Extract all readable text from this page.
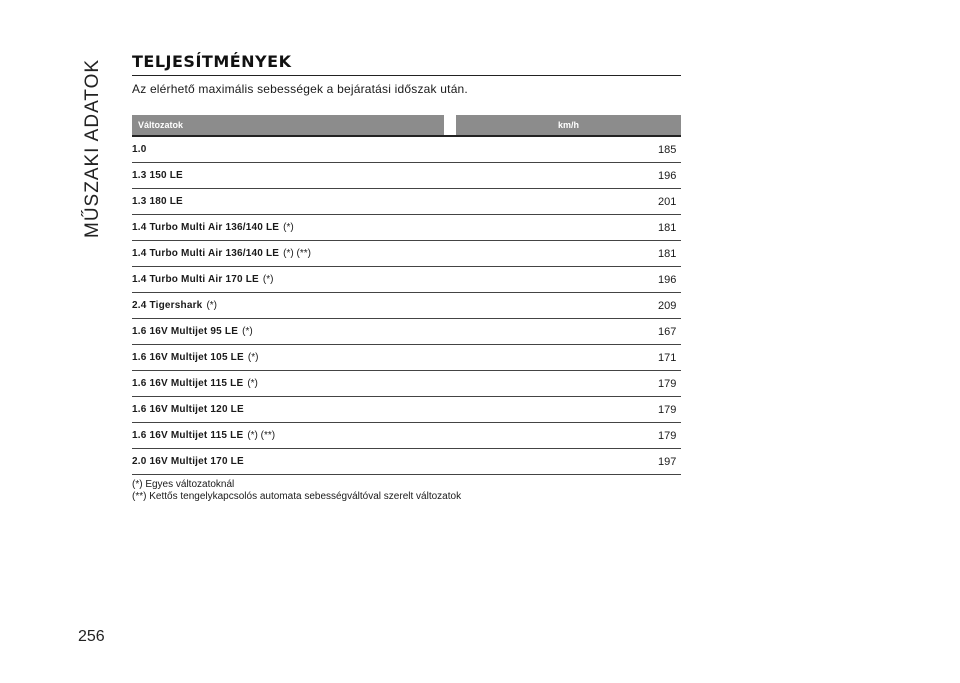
MŰSZAKI ADATOK
256
TELJESÍTMÉNYEK
Az elérhető maximális sebességek a bejáratási időszak után.
Változatok	km/h
1.0	185
1.3 150 LE	196
1.3 180 LE	201
1.4 Turbo Multi Air 136/140 LE (*)	181
1.4 Turbo Multi Air 136/140 LE (*) (**)	181
1.4 Turbo Multi Air 170 LE (*)	196
2.4 Tigershark (*)	209
1.6 16V Multijet 95 LE (*)	167
1.6 16V Multijet 105 LE (*)	171
1.6 16V Multijet 115 LE (*)	179
1.6 16V Multijet 120 LE	179
1.6 16V Multijet 115 LE (*) (**)	179
2.0 16V Multijet 170 LE	197
(*) Egyes változatoknál
(**) Kettős tengelykapcsolós automata sebességváltóval szerelt változatok
